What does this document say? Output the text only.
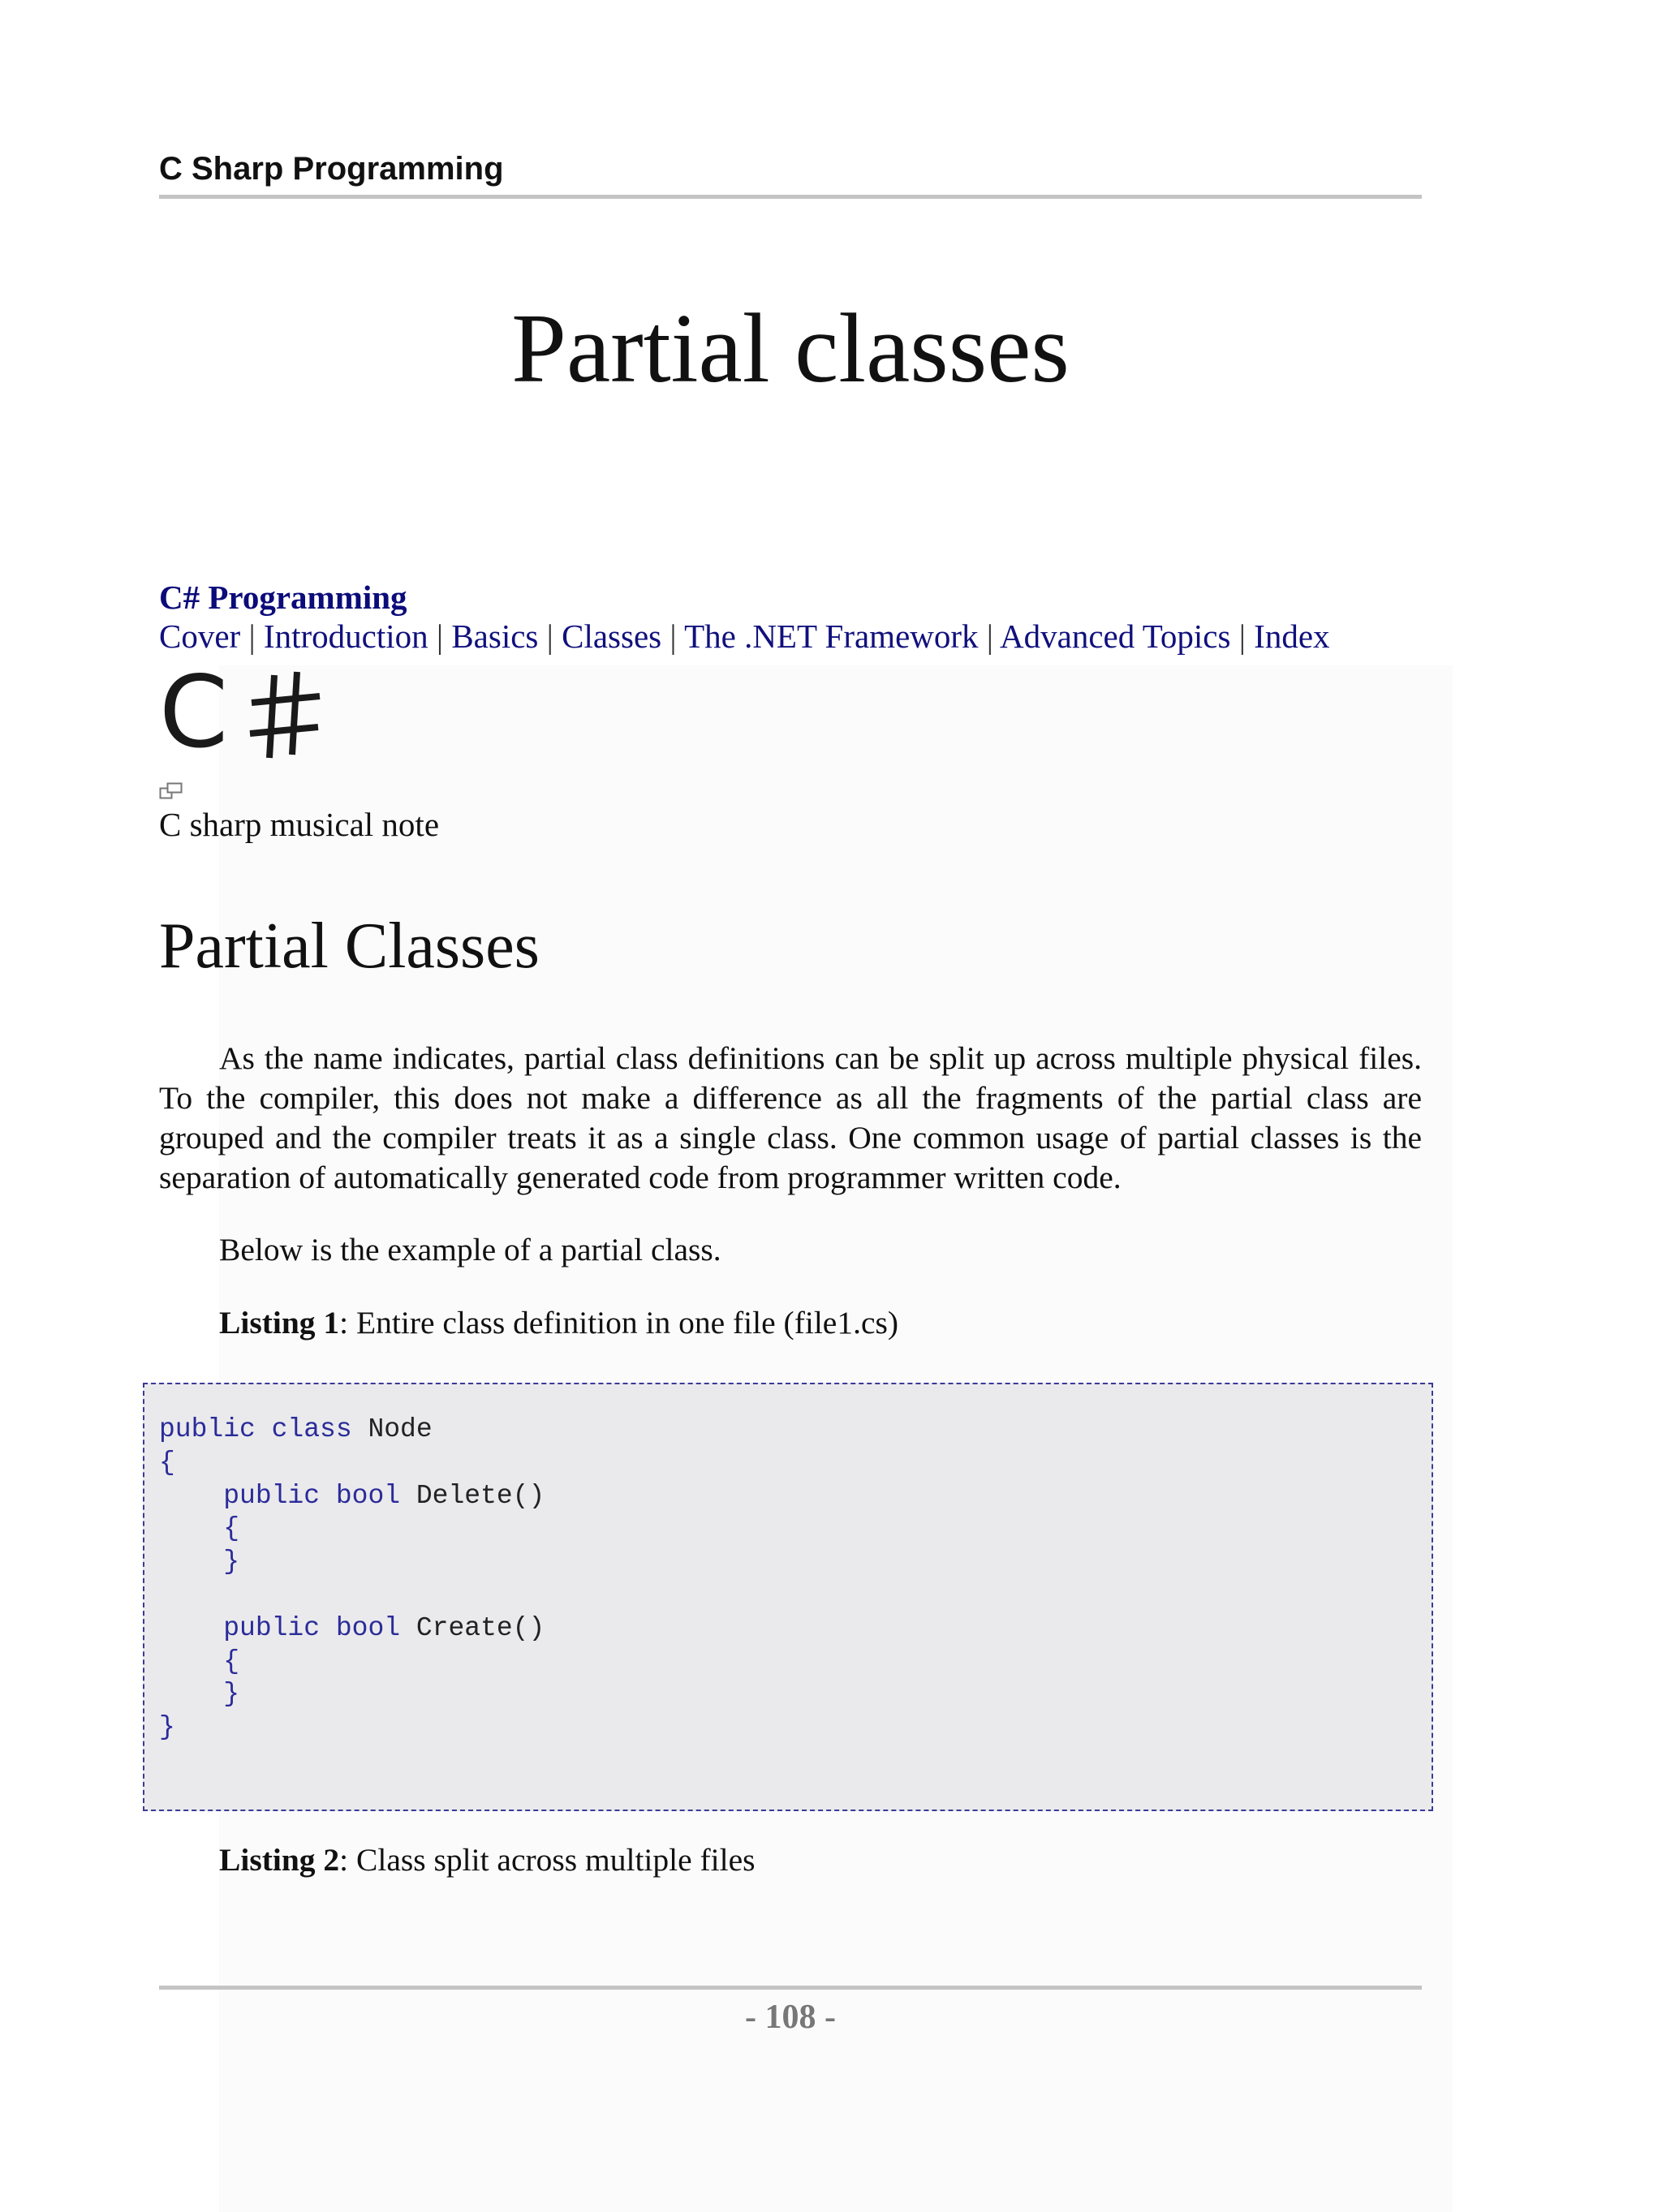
C Sharp Programming
Partial classes
C# Programming
Cover | Introduction | Basics | Classes | The .NET Framework | Advanced Topics | Index
C
C sharp musical note
Partial Classes

As the name indicates, partial class definitions can be split up across multiple physical files. To the compiler, this does not make a difference as all the fragments of the partial class are grouped and the compiler treats it as a single class. One common usage of partial classes is the separation of automatically generated code from programmer written code.

Below is the example of a partial class.
Listing 1: Entire class definition in one file (file1.cs)
public class Node
{
public bool Delete()
{
}

public bool Create()
{
}
}
Listing 2: Class split across multiple files
- 108 -
